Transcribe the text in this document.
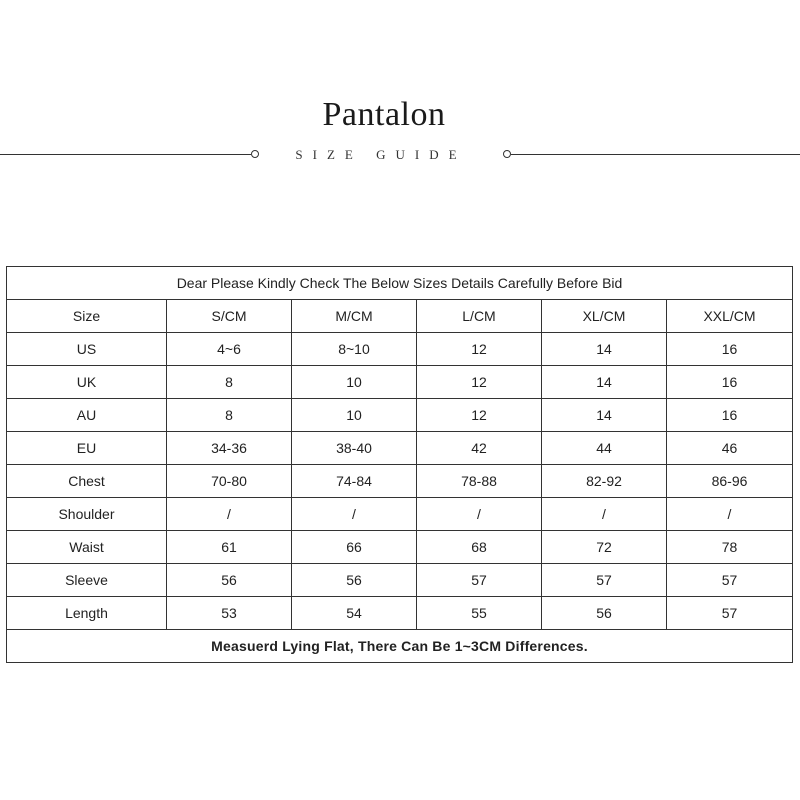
Pantalon
SIZE GUIDE
Dear Please Kindly Check The Below Sizes Details Carefully Before Bid					
Size	S/CM	M/CM	L/CM	XL/CM	XXL/CM
US	4~6	8~10	12	14	16
UK	8	10	12	14	16
AU	8	10	12	14	16
EU	34-36	38-40	42	44	46
Chest	70-80	74-84	78-88	82-92	86-96
Shoulder	/	/	/	/	/
Waist	61	66	68	72	78
Sleeve	56	56	57	57	57
Length	53	54	55	56	57
Measuerd Lying Flat, There Can Be 1~3CM Differences.					
